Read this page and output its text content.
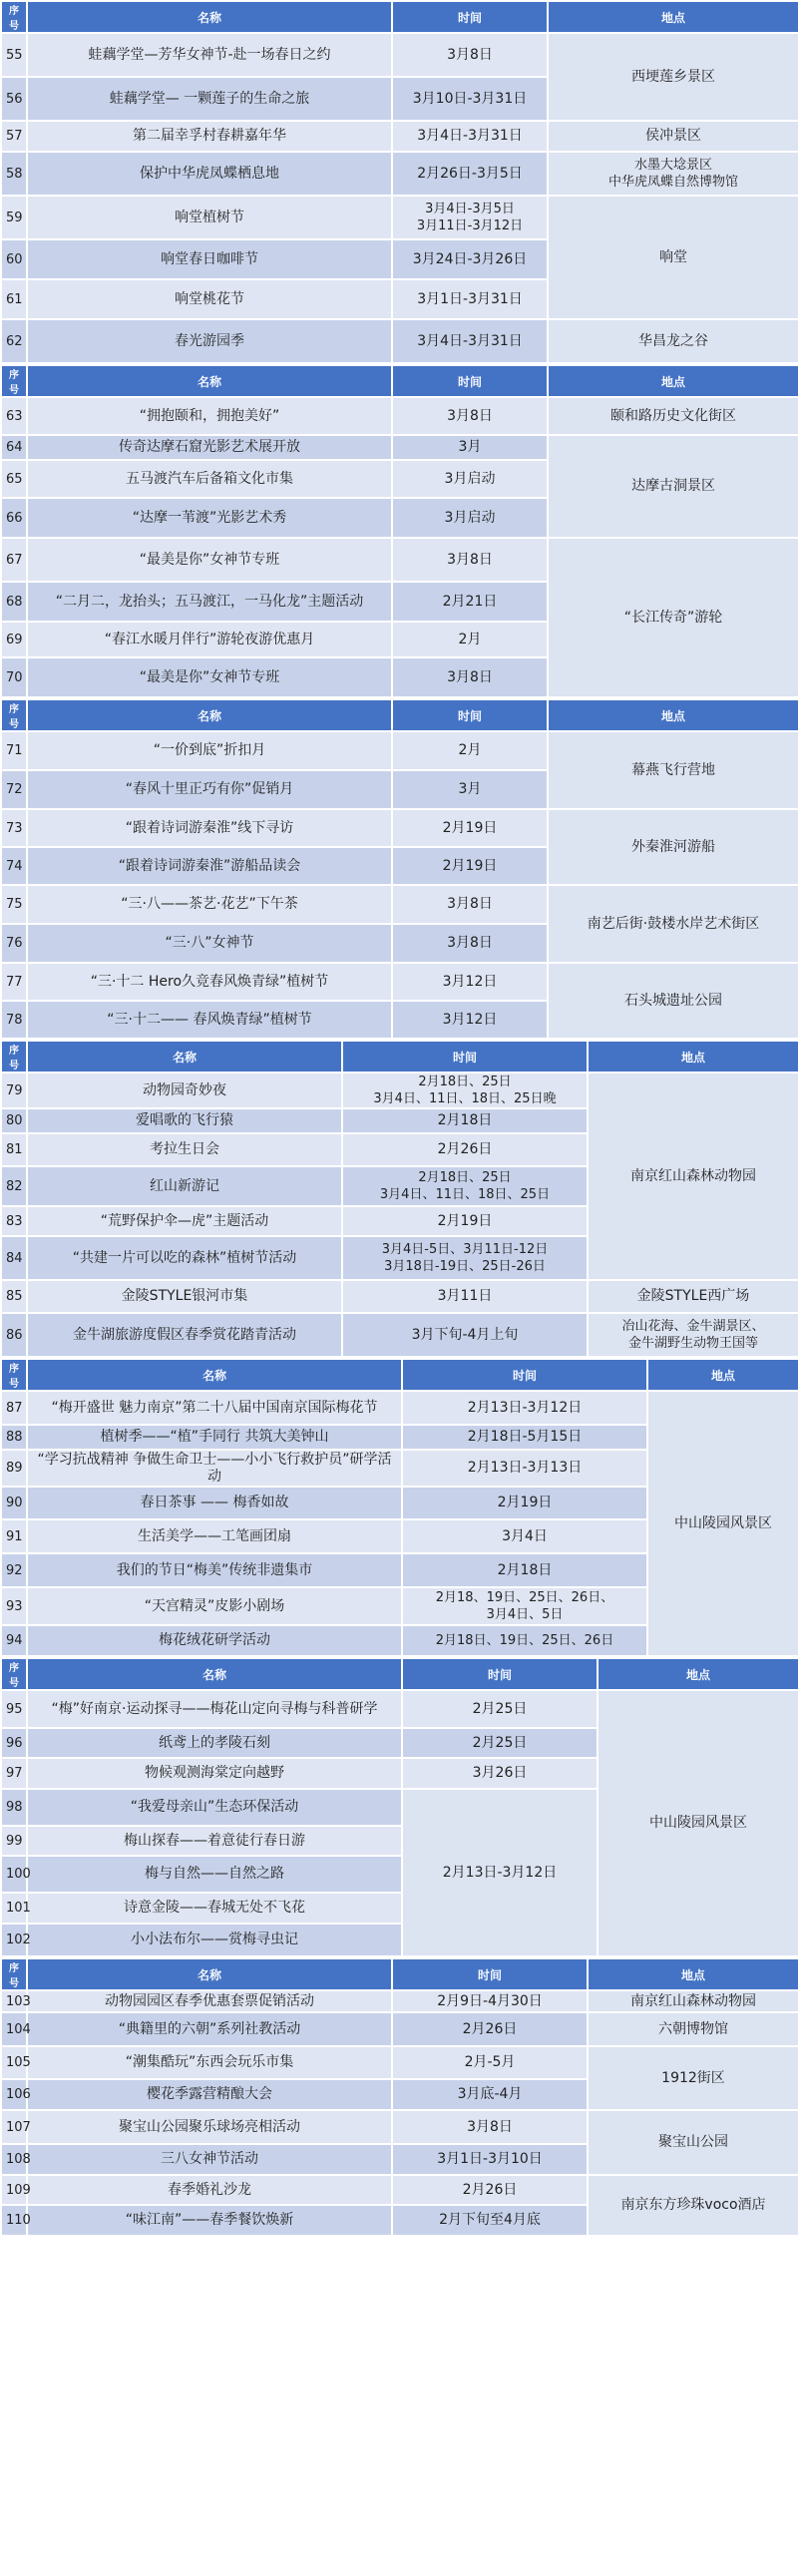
序号	名称	时间	地点
55	蛙藕学堂—芳华女神节-赴一场春日之约	3月8日	西埂莲乡景区
56	蛙藕学堂— 一颗莲子的生命之旅	3月10日-3月31日	
57	第二届幸孚村春耕嘉年华	3月4日-3月31日	侯冲景区
58	保护中华虎凤蝶栖息地	2月26日-3月5日	水墨大埝景区
中华虎凤蝶自然博物馆
59	响堂植树节	3月4日-3月5日
3月11日-3月12日	响堂
60	响堂春日咖啡节	3月24日-3月26日	
61	响堂桃花节	3月1日-3月31日	
62	春光游园季	3月4日-3月31日	华昌龙之谷
序号	名称	时间	地点
63	“拥抱颐和，拥抱美好”	3月8日	颐和路历史文化街区
64	传奇达摩石窟光影艺术展开放	3月	达摩古洞景区
65	五马渡汽车后备箱文化市集	3月启动	
66	“达摩一苇渡”光影艺术秀	3月启动	
67	“最美是你”女神节专班	3月8日	“长江传奇”游轮
68	“二月二，龙抬头；五马渡江，一马化龙”主题活动	2月21日	
69	“春江水暖月伴行”游轮夜游优惠月	2月	
70	“最美是你”女神节专班	3月8日	
序号	名称	时间	地点
71	“一价到底”折扣月	2月	幕燕飞行营地
72	“春风十里正巧有你”促销月	3月	
73	“跟着诗词游秦淮”线下寻访	2月19日	外秦淮河游船
74	“跟着诗词游秦淮”游船品读会	2月19日	
75	“三·八——茶艺·花艺”下午茶	3月8日	南艺后街·鼓楼水岸艺术街区
76	“三·八”女神节	3月8日	
77	“三·十二 Hero久竞春风焕青绿”植树节	3月12日	石头城遗址公园
78	“三·十二—— 春风焕青绿”植树节	3月12日	
序号	名称	时间	地点
79	动物园奇妙夜	2月18日、25日
3月4日、11日、18日、25日晚	南京红山森林动物园
80	爱唱歌的飞行猿	2月18日	
81	考拉生日会	2月26日	
82	红山新游记	2月18日、25日
3月4日、11日、18日、25日	
83	“荒野保护伞—虎”主题活动	2月19日	
84	“共建一片可以吃的森林”植树节活动	3月4日-5日、3月11日-12日
3月18日-19日、25日-26日	
85	金陵STYLE银河市集	3月11日	金陵STYLE西广场
86	金牛湖旅游度假区春季赏花踏青活动	3月下旬-4月上旬	冶山花海、金牛湖景区、
金牛湖野生动物王国等
序号	名称	时间	地点
87	“梅开盛世 魅力南京”第二十八届中国南京国际梅花节	2月13日-3月12日	中山陵园风景区
88	植树季——“植”手同行 共筑大美钟山	2月18日-5月15日	
89	“学习抗战精神 争做生命卫士——小小飞行救护员”研学活动	2月13日-3月13日	
90	春日茶事 —— 梅香如故	2月19日	
91	生活美学——工笔画团扇	3月4日	
92	我们的节日“梅美”传统非遗集市	2月18日	
93	“天宫精灵”皮影小剧场	2月18、19日、25日、26日、
3月4日、5日	
94	梅花绒花研学活动	2月18日、19日、25日、26日	
序号	名称	时间	地点
95	“梅”好南京·运动探寻——梅花山定向寻梅与科普研学	2月25日	中山陵园风景区
96	纸鸢上的孝陵石刻	2月25日	
97	物候观测海棠定向越野	3月26日	
98	“我爱母亲山”生态环保活动	2月13日-3月12日	
99	梅山探春——着意徒行春日游		
100	梅与自然——自然之路		
101	诗意金陵——春城无处不飞花		
102	小小法布尔——赏梅寻虫记		
序号	名称	时间	地点
103	动物园园区春季优惠套票促销活动	2月9日-4月30日	南京红山森林动物园
104	“典籍里的六朝”系列社教活动	2月26日	六朝博物馆
105	“潮集酷玩”东西会玩乐市集	2月-5月	1912街区
106	樱花季露营精酿大会	3月底-4月	
107	聚宝山公园聚乐球场亮相活动	3月8日	聚宝山公园
108	三八女神节活动	3月1日-3月10日	
109	春季婚礼沙龙	2月26日	南京东方珍珠voco酒店
110	“味江南”——春季餐饮焕新	2月下旬至4月底	
